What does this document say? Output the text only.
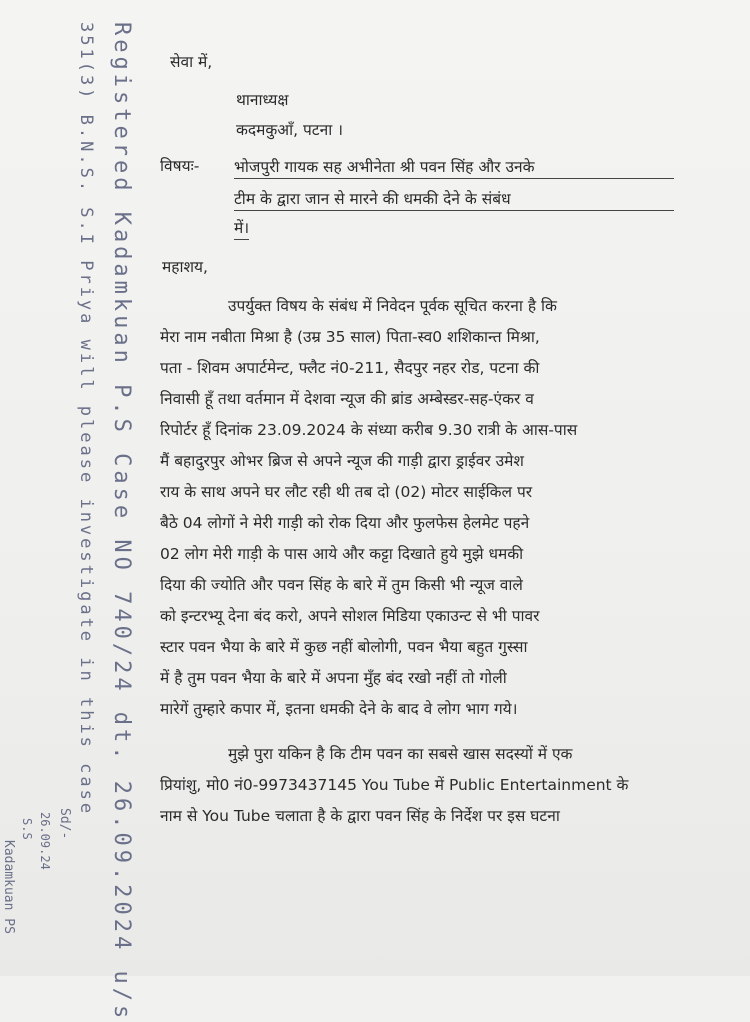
Registered Kadamkuan P.S Case NO 740/24 dt. 26.09.2024 u/s
351(3) B.N.S. S.I Priya will please investigate in this case
Sd/-
26.09.24
S.S
Kadamkuan PS
सेवा में,
थानाध्यक्ष
कदमकुआँ, पटना ।
विषयः- भोजपुरी गायक सह अभीनेता श्री पवन सिंह और उनके
टीम के द्वारा जान से मारने की धमकी देने के संबंध
में।
महाशय,
उपर्युक्त विषय के संबंध में निवेदन पूर्वक सूचित करना है कि
मेरा नाम नबीता मिश्रा है (उम्र 35 साल) पिता-स्व0 शशिकान्त मिश्रा,
पता - शिवम अपार्टमेन्ट, फ्लैट नं0-211, सैदपुर नहर रोड, पटना की
निवासी हूँ तथा वर्तमान में देशवा न्यूज की ब्रांड अम्बेस्डर-सह-एंकर व
रिपोर्टर हूँ दिनांक 23.09.2024 के संध्या करीब 9.30 रात्री के आस-पास
मैं बहादुरपुर ओभर ब्रिज से अपने न्यूज की गाड़ी द्वारा ड्राईवर उमेश
राय के साथ अपने घर लौट रही थी तब दो (02) मोटर साईकिल पर
बैठे 04 लोगों ने मेरी गाड़ी को रोक दिया और फुलफेस हेलमेट पहने
02 लोग मेरी गाड़ी के पास आये और कट्टा दिखाते हुये मुझे धमकी
दिया की ज्योति और पवन सिंह के बारे में तुम किसी भी न्यूज वाले
को इन्टरभ्यू देना बंद करो, अपने सोशल मिडिया एकाउन्ट से भी पावर
स्टार पवन भैया के बारे में कुछ नहीं बोलोगी, पवन भैया बहुत गुस्सा
में है तुम पवन भैया के बारे में अपना मुँह बंद रखो नहीं तो गोली
मारेगें तुम्हारे कपार में, इतना धमकी देने के बाद वे लोग भाग गये।
मुझे पुरा यकिन है कि टीम पवन का सबसे खास सदस्यों में एक
प्रियांशु, मो0 नं0-9973437145 You Tube में Public Entertainment के
नाम से You Tube चलाता है के द्वारा पवन सिंह के निर्देश पर इस घटना
